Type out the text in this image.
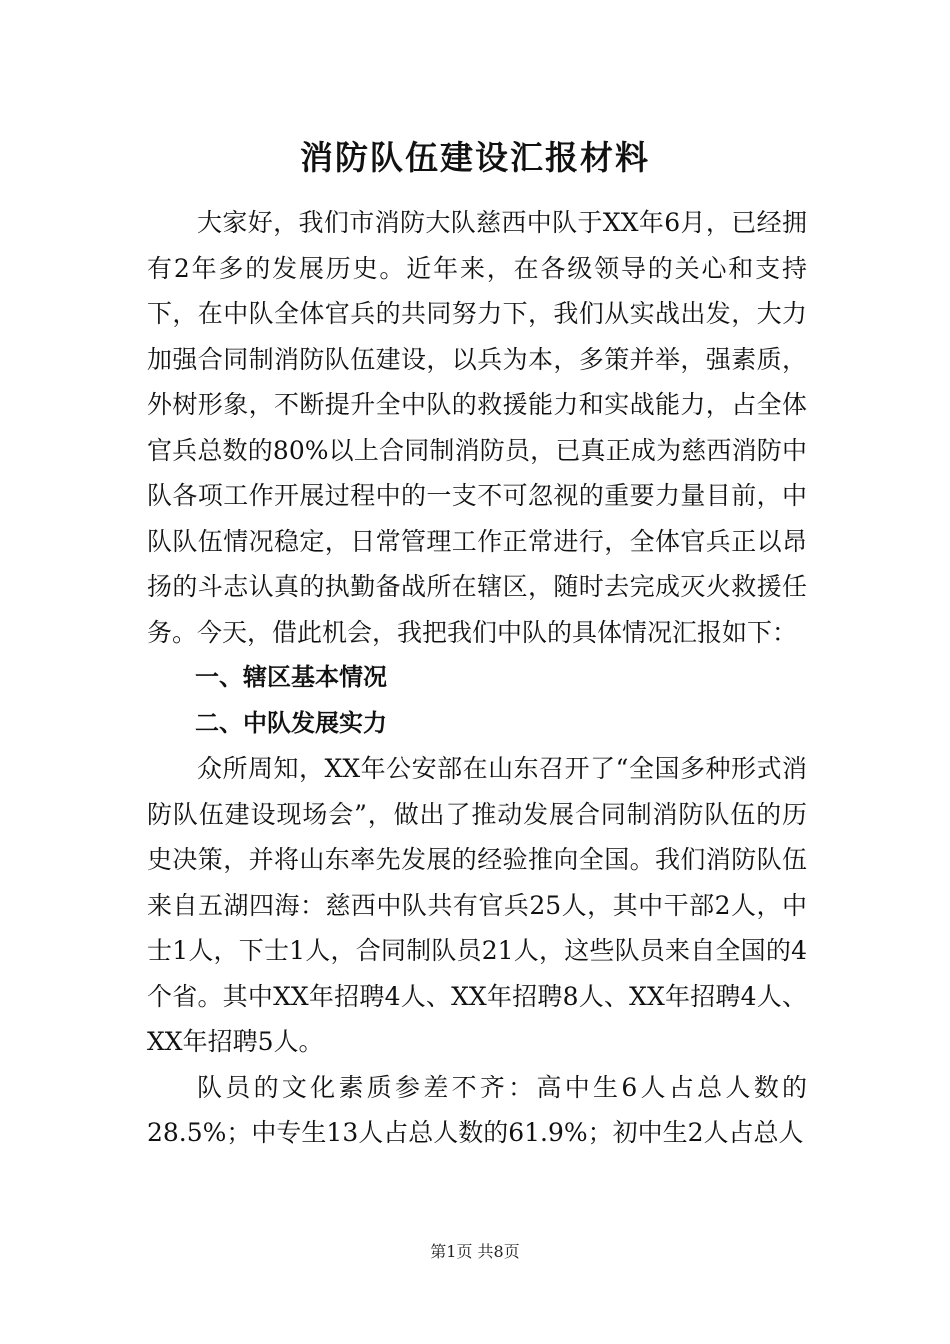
消防队伍建设汇报材料

大家好，我们市消防大队慈西中队于XX年6月，已经拥有2年多的发展历史。近年来，在各级领导的关心和支持下，在中队全体官兵的共同努力下，我们从实战出发，大力加强合同制消防队伍建设，以兵为本，多策并举，强素质，外树形象，不断提升全中队的救援能力和实战能力，占全体官兵总数的80%以上合同制消防员，已真正成为慈西消防中队各项工作开展过程中的一支不可忽视的重要力量目前，中队队伍情况稳定，日常管理工作正常进行，全体官兵正以昂扬的斗志认真的执勤备战所在辖区，随时去完成灭火救援任务。今天，借此机会，我把我们中队的具体情况汇报如下：

一、辖区基本情况

二、中队发展实力

众所周知，XX年公安部在山东召开了“全国多种形式消防队伍建设现场会”，做出了推动发展合同制消防队伍的历史决策，并将山东率先发展的经验推向全国。我们消防队伍来自五湖四海：慈西中队共有官兵25人，其中干部2人，中士1人，下士1人，合同制队员21人，这些队员来自全国的4个省。其中XX年招聘4人、XX年招聘8人、XX年招聘4人、XX年招聘5人。

队员的文化素质参差不齐：高中生6人占总人数的28.5%；中专生13人占总人数的61.9%；初中生2人占总人

第1页 共8页
